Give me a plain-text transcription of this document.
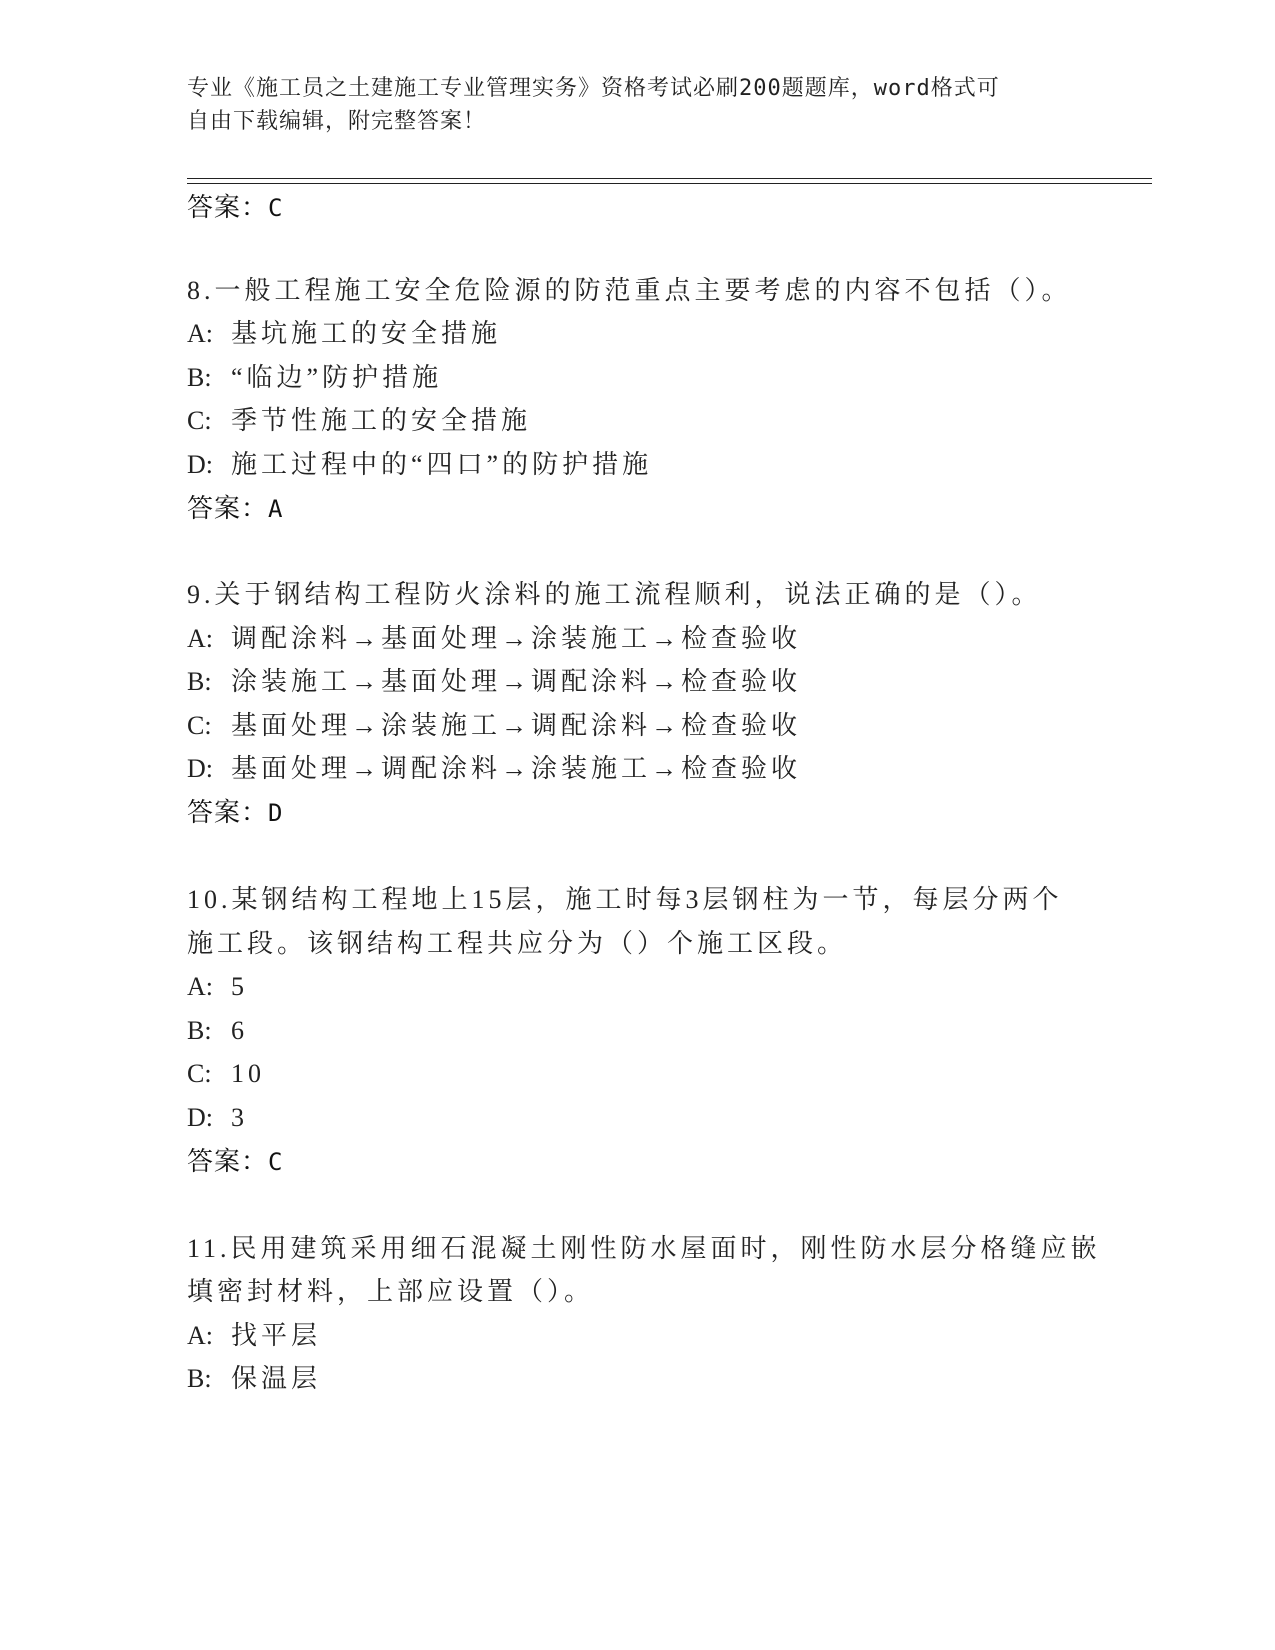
专业《施工员之土建施工专业管理实务》资格考试必刷200题题库，word格式可
自由下载编辑，附完整答案！
答案：C
8.一般工程施工安全危险源的防范重点主要考虑的内容不包括（）。
A: 基坑施工的安全措施
B: “临边”防护措施
C: 季节性施工的安全措施
D: 施工过程中的“四口”的防护措施
答案：A
9.关于钢结构工程防火涂料的施工流程顺利，说法正确的是（）。
A: 调配涂料→基面处理→涂装施工→检查验收
B: 涂装施工→基面处理→调配涂料→检查验收
C: 基面处理→涂装施工→调配涂料→检查验收
D: 基面处理→调配涂料→涂装施工→检查验收
答案：D
10.某钢结构工程地上15层，施工时每3层钢柱为一节，每层分两个
施工段。该钢结构工程共应分为（）个施工区段。
A: 5
B: 6
C: 10
D: 3
答案：C
11.民用建筑采用细石混凝土刚性防水屋面时，刚性防水层分格缝应嵌
填密封材料，上部应设置（）。
A: 找平层
B: 保温层
